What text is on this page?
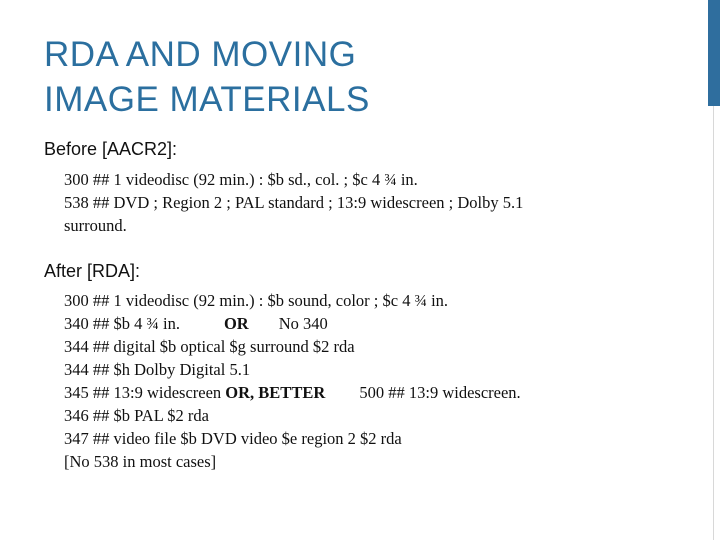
RDA AND MOVING
IMAGE MATERIALS
Before [AACR2]:
300 ## 1 videodisc (92 min.) : $b sd., col. ; $c 4 ¾ in.
538 ## DVD ; Region 2 ; PAL standard ; 13:9 widescreen ; Dolby 5.1
surround.
After [RDA]:
300 ## 1 videodisc (92 min.) : $b sound, color ; $c 4 ¾ in.
340 ## $b 4 ¾ in.	OR No 340
344 ## digital $b optical $g surround $2 rda
344 ## $h Dolby Digital 5.1
345 ## 13:9 widescreen OR, BETTER 500 ## 13:9 widescreen.
346 ## $b PAL $2 rda
347 ## video file $b DVD video $e region 2 $2 rda
[No 538 in most cases]
